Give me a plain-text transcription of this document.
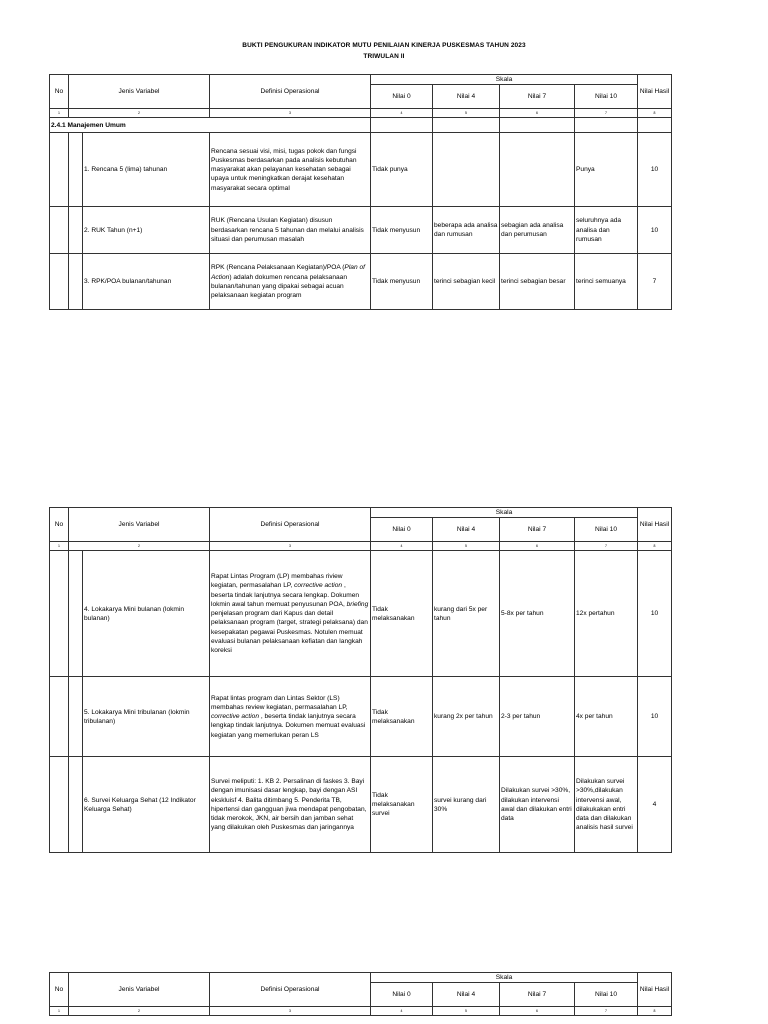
BUKTI PENGUKURAN INDIKATOR MUTU PENILAIAN KINERJA PUSKESMAS TAHUN 2023
TRIWULAN II
No	Jenis Variabel		Definisi Operasional	Skala				Nilai Hasil
				Nilai 0	Nilai 4	Nilai 7	Nilai 10	
1	2		3	4	5	6	7	8
2.4.1 Manajemen Umum								
		1. Rencana 5 (lima) tahunan	Rencana sesuai visi, misi, tugas pokok dan fungsi Puskesmas berdasarkan pada analisis kebutuhan masyarakat akan pelayanan kesehatan sebagai upaya untuk meningkatkan derajat kesehatan masyarakat secara optimal	Tidak punya			Punya	10
		2. RUK Tahun (n+1)	RUK (Rencana Usulan Kegiatan) disusun berdasarkan rencana 5 tahunan dan melalui analisis situasi dan perumusan masalah	Tidak menyusun	beberapa ada analisa dan rumusan	sebagian ada analisa dan perumusan	seluruhnya ada analisa dan rumusan	10
		3. RPK/POA bulanan/tahunan	RPK (Rencana Pelaksanaan Kegiatan)/POA (Plan of Action) adalah dokumen rencana pelaksanaan bulanan/tahunan yang dipakai sebagai acuan pelaksanaan kegiatan program	Tidak menyusun	terinci sebagian kecil	terinci sebagian besar	terinci semuanya	7
No	Jenis Variabel		Definisi Operasional	Skala				Nilai Hasil
				Nilai 0	Nilai 4	Nilai 7	Nilai 10	
1	2		3	4	5	6	7	8
		4. Lokakarya Mini bulanan (lokmin bulanan)	Rapat Lintas Program (LP) membahas riview kegiatan, permasalahan LP, corrective action , beserta tindak lanjutnya secara lengkap. Dokumen lokmin awal tahun memuat penyusunan POA, briefing penjelasan program dari Kapus dan detail pelaksanaan program (target, strategi pelaksana) dan kesepakatan pegawai Puskesmas. Notulen memuat evaluasi bulanan pelaksanaan kefiatan dan langkah koreksi	Tidak melaksanakan	kurang dari 5x per tahun	5-8x per tahun	12x pertahun	10
		5. Lokakarya Mini tribulanan (lokmin tribulanan)	Rapat lintas program dan Lintas Sektor (LS) membahas review kegiatan, permasalahan LP, corrective action , beserta tindak lanjutnya secara lengkap tindak lanjutnya. Dokumen memuat evaluasi kegiatan yang memerlukan peran LS	Tidak melaksanakan	kurang 2x per tahun	2-3 per tahun	4x per tahun	10
		6. Survei Keluarga Sehat (12 Indikator Keluarga Sehat)	Survei meliputi: 1. KB 2. Persalinan di faskes 3. Bayi dengan imunisasi dasar lengkap, bayi dengan ASI ekskluisf 4. Balita ditimbang 5. Penderita TB, hipertensi dan gangguan jiwa mendapat pengobatan, tidak merokok, JKN, air bersih dan jamban sehat yang dilakukan oleh Puskesmas dan jaringannya	Tidak melaksanakan survei	survei kurang dari 30%	Dilakukan survei >30%, dilakukan intervensi awal dan dilakukan entri data	Dilakukan survei >30%,dilakukan intervensi awal, dilakukakan entri data dan dilakukan analisis hasil survei	4
No	Jenis Variabel	Definisi Operasional	Skala				Nilai Hasil
			Nilai 0	Nilai 4	Nilai 7	Nilai 10	
1	2	3	4	5	6	7	8
